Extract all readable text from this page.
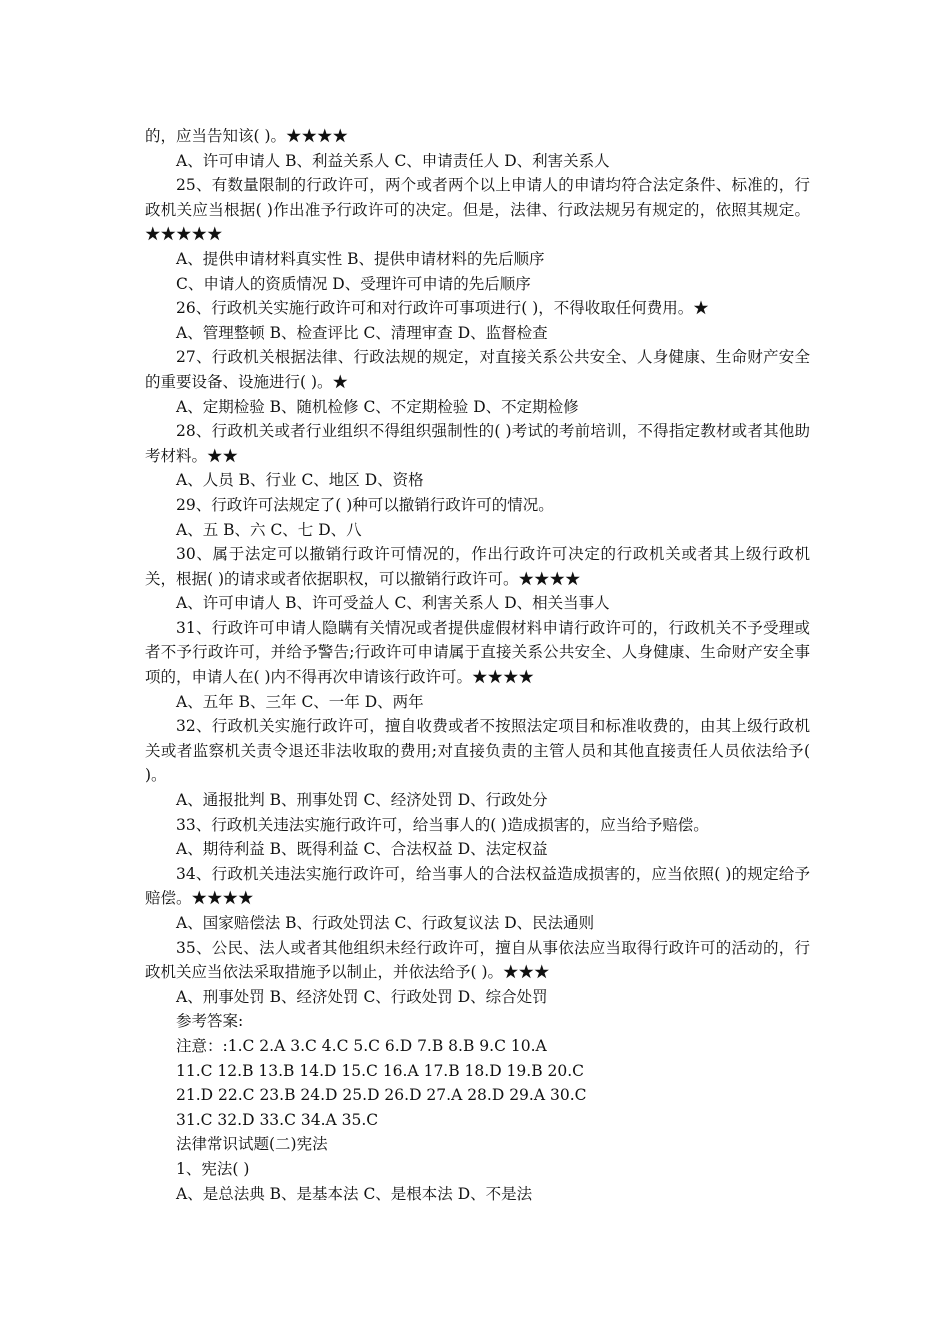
的，应当告知该( )。★★★★

A、许可申请人 B、利益关系人 C、申请责任人 D、利害关系人

25、有数量限制的行政许可，两个或者两个以上申请人的申请均符合法定条件、标准的，行政机关应当根据( )作出准予行政许可的决定。但是，法律、行政法规另有规定的，依照其规定。★★★★★

A、提供申请材料真实性 B、提供申请材料的先后顺序

C、申请人的资质情况 D、受理许可申请的先后顺序

26、行政机关实施行政许可和对行政许可事项进行( )，不得收取任何费用。★

A、管理整顿 B、检查评比 C、清理审查 D、监督检查

27、行政机关根据法律、行政法规的规定，对直接关系公共安全、人身健康、生命财产安全的重要设备、设施进行( )。★

A、定期检验 B、随机检修 C、不定期检验 D、不定期检修

28、行政机关或者行业组织不得组织强制性的( )考试的考前培训，不得指定教材或者其他助考材料。★★

A、人员 B、行业 C、地区 D、资格

29、行政许可法规定了( )种可以撤销行政许可的情况。

A、五 B、六 C、七 D、八

30、属于法定可以撤销行政许可情况的，作出行政许可决定的行政机关或者其上级行政机关，根据( )的请求或者依据职权，可以撤销行政许可。★★★★

A、许可申请人 B、许可受益人 C、利害关系人 D、相关当事人

31、行政许可申请人隐瞒有关情况或者提供虚假材料申请行政许可的，行政机关不予受理或者不予行政许可，并给予警告;行政许可申请属于直接关系公共安全、人身健康、生命财产安全事项的，申请人在( )内不得再次申请该行政许可。★★★★

A、五年 B、三年 C、一年 D、两年

32、行政机关实施行政许可，擅自收费或者不按照法定项目和标准收费的，由其上级行政机关或者监察机关责令退还非法收取的费用;对直接负责的主管人员和其他直接责任人员依法给予( )。

A、通报批判 B、刑事处罚 C、经济处罚 D、行政处分

33、行政机关违法实施行政许可，给当事人的( )造成损害的，应当给予赔偿。

A、期待利益 B、既得利益 C、合法权益 D、法定权益

34、行政机关违法实施行政许可，给当事人的合法权益造成损害的，应当依照( )的规定给予赔偿。★★★★

A、国家赔偿法 B、行政处罚法 C、行政复议法 D、民法通则

35、公民、法人或者其他组织未经行政许可，擅自从事依法应当取得行政许可的活动的，行政机关应当依法采取措施予以制止，并依法给予( )。★★★

A、刑事处罚 B、经济处罚 C、行政处罚 D、综合处罚

参考答案:

注意：:1.C 2.A 3.C 4.C 5.C 6.D 7.B 8.B 9.C 10.A

11.C 12.B 13.B 14.D 15.C 16.A 17.B 18.D 19.B 20.C

21.D 22.C 23.B 24.D 25.D 26.D 27.A 28.D 29.A 30.C

31.C 32.D 33.C 34.A 35.C

法律常识试题(二)宪法

1、宪法( )

A、是总法典 B、是基本法 C、是根本法 D、不是法
